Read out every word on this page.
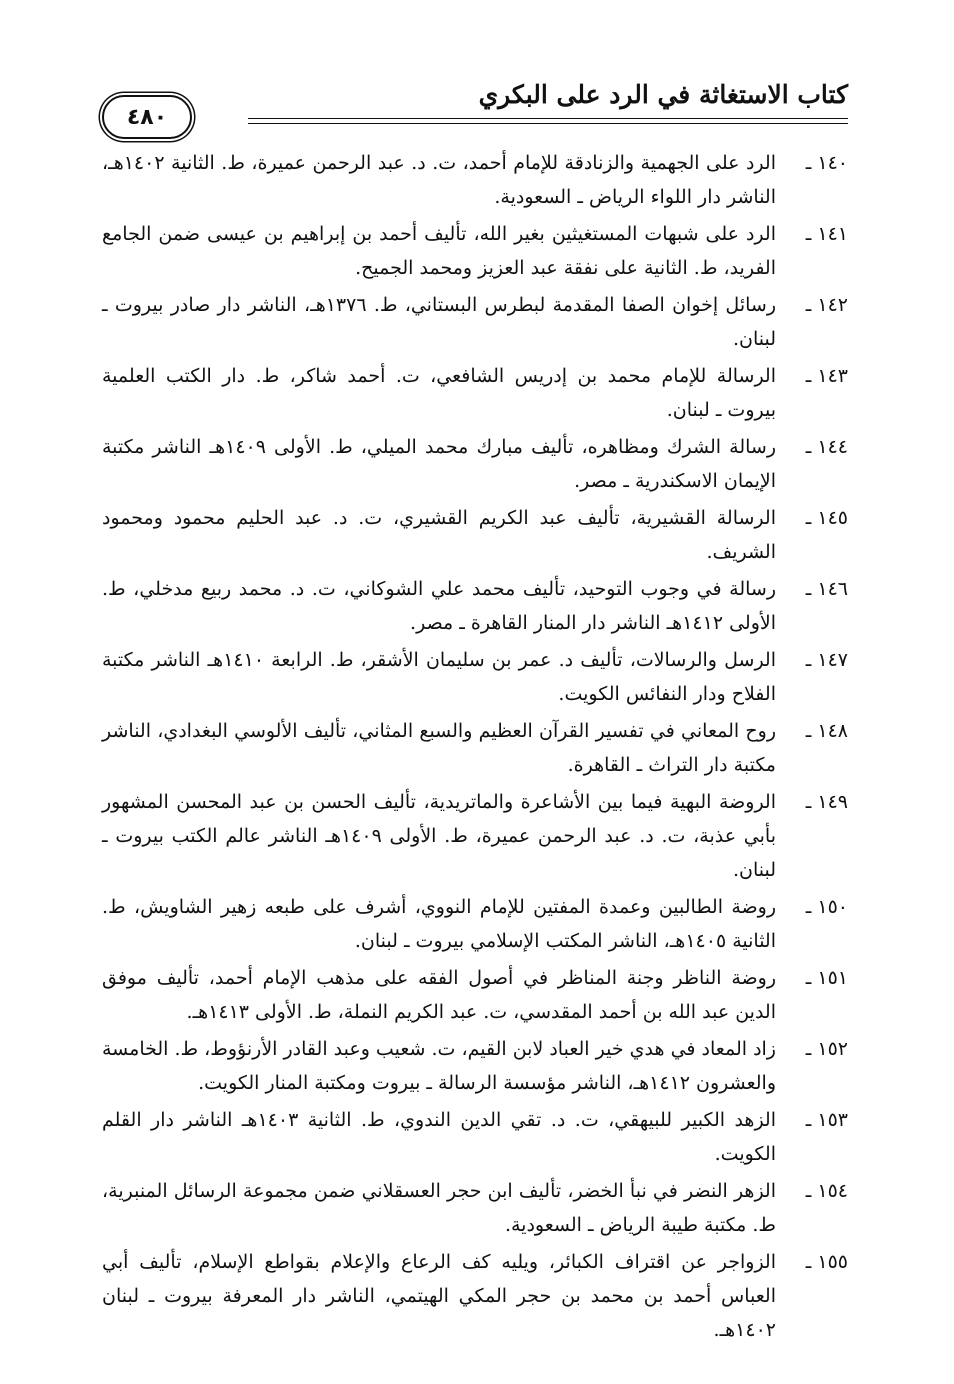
كتاب الاستغاثة في الرد على البكري
٤٨٠
١٤٠ ـ
الرد على الجهمية والزنادقة للإمام أحمد، ت. د. عبد الرحمن عميرة، ط. الثانية ١٤٠٢هـ، الناشر دار اللواء الرياض ـ السعودية.
١٤١ ـ
الرد على شبهات المستغيثين بغير الله، تأليف أحمد بن إبراهيم بن عيسى ضمن الجامع الفريد، ط. الثانية على نفقة عبد العزيز ومحمد الجميح.
١٤٢ ـ
رسائل إخوان الصفا المقدمة لبطرس البستاني، ط. ١٣٧٦هـ، الناشر دار صادر بيروت ـ لبنان.
١٤٣ ـ
الرسالة للإمام محمد بن إدريس الشافعي، ت. أحمد شاكر، ط. دار الكتب العلمية بيروت ـ لبنان.
١٤٤ ـ
رسالة الشرك ومظاهره، تأليف مبارك محمد الميلي، ط. الأولى ١٤٠٩هـ الناشر مكتبة الإيمان الاسكندرية ـ مصر.
١٤٥ ـ
الرسالة القشيرية، تأليف عبد الكريم القشيري، ت. د. عبد الحليم محمود ومحمود الشريف.
١٤٦ ـ
رسالة في وجوب التوحيد، تأليف محمد علي الشوكاني، ت. د. محمد ربيع مدخلي، ط. الأولى ١٤١٢هـ الناشر دار المنار القاهرة ـ مصر.
١٤٧ ـ
الرسل والرسالات، تأليف د. عمر بن سليمان الأشقر، ط. الرابعة ١٤١٠هـ الناشر مكتبة الفلاح ودار النفائس الكويت.
١٤٨ ـ
روح المعاني في تفسير القرآن العظيم والسبع المثاني، تأليف الألوسي البغدادي، الناشر مكتبة دار التراث ـ القاهرة.
١٤٩ ـ
الروضة البهية فيما بين الأشاعرة والماتريدية، تأليف الحسن بن عبد المحسن المشهور بأبي عذبة، ت. د. عبد الرحمن عميرة، ط. الأولى ١٤٠٩هـ الناشر عالم الكتب بيروت ـ لبنان.
١٥٠ ـ
روضة الطالبين وعمدة المفتين للإمام النووي، أشرف على طبعه زهير الشاويش، ط. الثانية ١٤٠٥هـ، الناشر المكتب الإسلامي بيروت ـ لبنان.
١٥١ ـ
روضة الناظر وجنة المناظر في أصول الفقه على مذهب الإمام أحمد، تأليف موفق الدين عبد الله بن أحمد المقدسي، ت. عبد الكريم النملة، ط. الأولى ١٤١٣هـ.
١٥٢ ـ
زاد المعاد في هدي خير العباد لابن القيم، ت. شعيب وعبد القادر الأرنؤوط، ط. الخامسة والعشرون ١٤١٢هـ، الناشر مؤسسة الرسالة ـ بيروت ومكتبة المنار الكويت.
١٥٣ ـ
الزهد الكبير للبيهقي، ت. د. تقي الدين الندوي، ط. الثانية ١٤٠٣هـ الناشر دار القلم الكويت.
١٥٤ ـ
الزهر النضر في نبأ الخضر، تأليف ابن حجر العسقلاني ضمن مجموعة الرسائل المنبرية، ط. مكتبة طيبة الرياض ـ السعودية.
١٥٥ ـ
الزواجر عن اقتراف الكبائر، ويليه كف الرعاع والإعلام بقواطع الإسلام، تأليف أبي العباس أحمد بن محمد بن حجر المكي الهيتمي، الناشر دار المعرفة بيروت ـ لبنان ١٤٠٢هـ.
